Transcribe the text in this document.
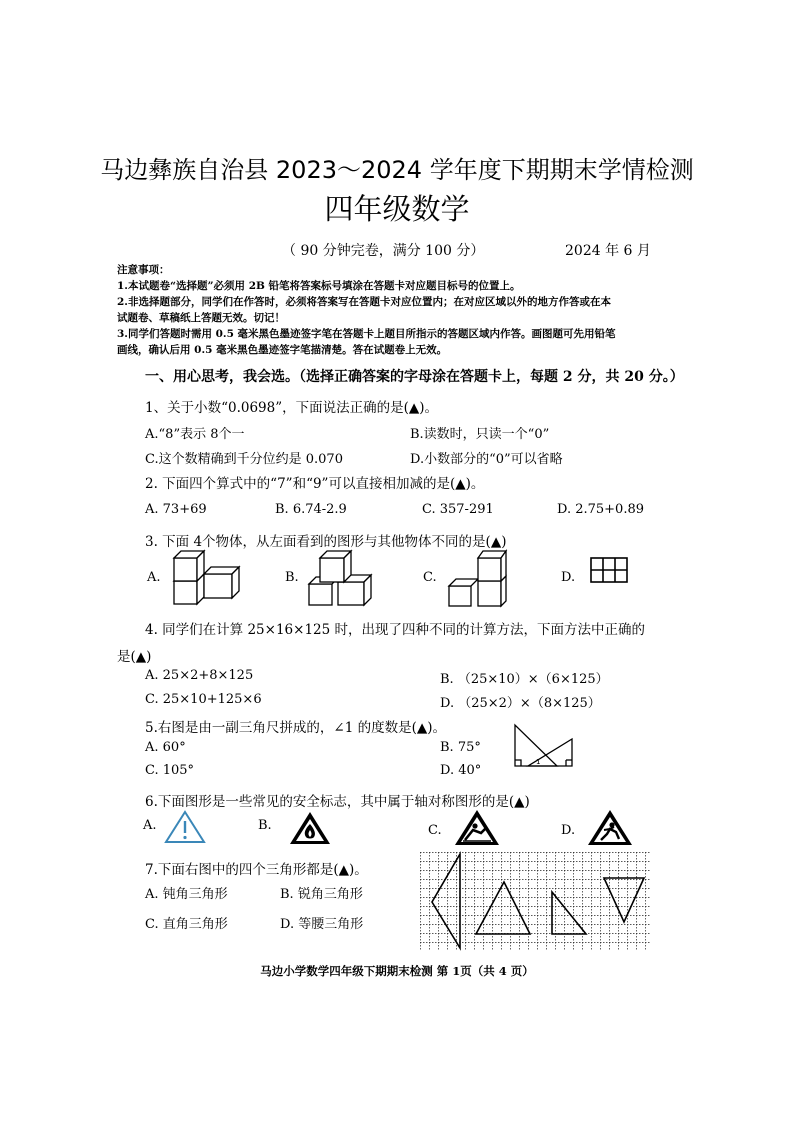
马边彝族自治县 2023～2024 学年度下期期末学情检测
四年级数学
（ 90 分钟完卷，满分 100 分）	2024 年 6 月
注意事项：
1.本试题卷“选择题”必须用 2B 铅笔将答案标号填涂在答题卡对应题目标号的位置上。
2.非选择题部分，同学们在作答时，必须将答案写在答题卡对应位置内；在对应区域以外的地方作答或在本
试题卷、草稿纸上答题无效。切记！
3.同学们答题时需用 0.5 毫米黑色墨迹签字笔在答题卡上题目所指示的答题区域内作答。画图题可先用铅笔
画线，确认后用 0.5 毫米黑色墨迹签字笔描清楚。答在试题卷上无效。
一、用心思考，我会选。（选择正确答案的字母涂在答题卡上，每题 2 分，共 20 分。）
1、关于小数“0.0698”，下面说法正确的是(▲)。
A.“8”表示 8个一	B.读数时，只读一个“0”
C.这个数精确到千分位约是 0.070	D.小数部分的“0”可以省略
2. 下面四个算式中的“7”和“9”可以直接相加减的是(▲)。
A. 73+69	B. 6.74-2.9	C. 357-291	D. 2.75+0.89
3. 下面 4个物体，从左面看到的图形与其他物体不同的是(▲)
A.	B.	C.	D.
4. 同学们在计算 25×16×125 时，出现了四种不同的计算方法，下面方法中正确的
是(▲)
A. 25×2+8×125	B. （25×10）×（6×125）
C. 25×10+125×6	D. （25×2）×（8×125）
5.右图是由一副三角尺拼成的，∠1 的度数是(▲)。
A. 60°	B. 75°
C. 105°	D. 40°
1
6.下面图形是一些常见的安全标志，其中属于轴对称图形的是(▲)
A.	B.	C.	D.
7.下面右图中的四个三角形都是(▲)。
A. 钝角三角形	B. 锐角三角形
C. 直角三角形	D. 等腰三角形
马边小学数学四年级下期期末检测 第 1页（共 4 页）
